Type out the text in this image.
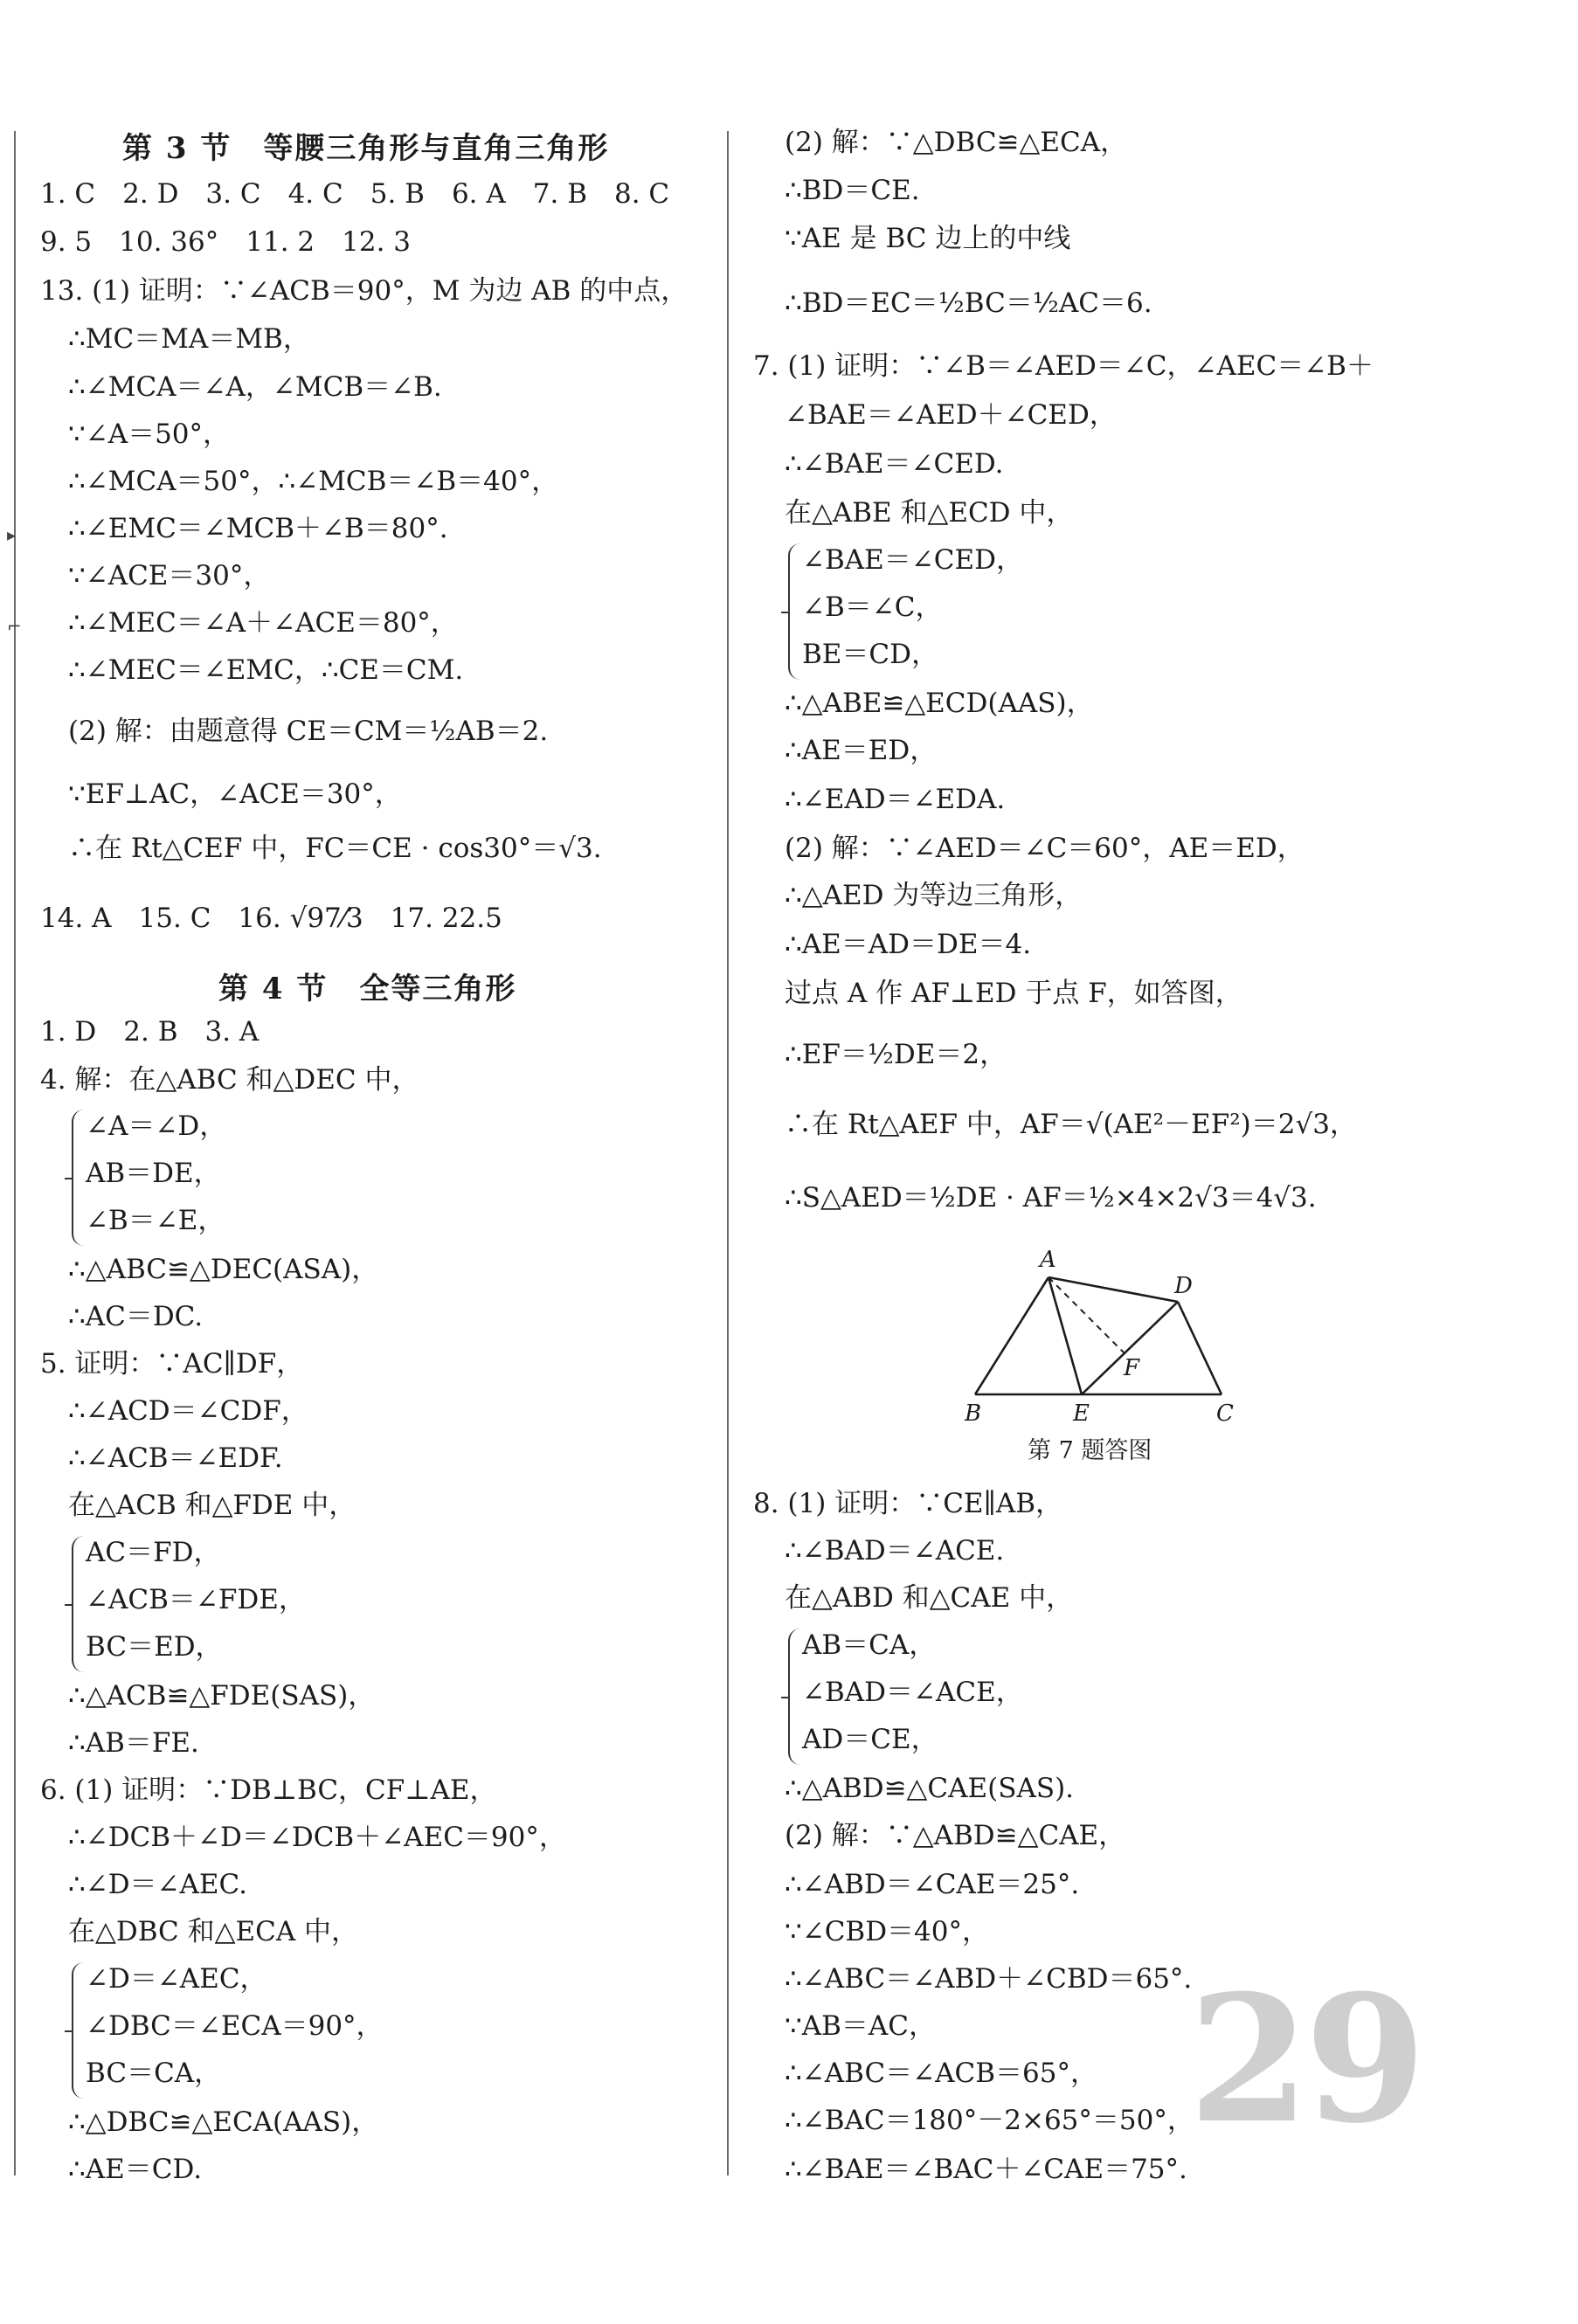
▸
⌐
第 3 节　等腰三角形与直角三角形
1. C　2. D　3. C　4. C　5. B　6. A　7. B　8. C
9. 5　10. 36°　11. 2　12. 3
13. (1) 证明：∵∠ACB＝90°，M 为边 AB 的中点，
∴MC＝MA＝MB，
∴∠MCA＝∠A，∠MCB＝∠B.
∵∠A＝50°，
∴∠MCA＝50°，∴∠MCB＝∠B＝40°，
∴∠EMC＝∠MCB＋∠B＝80°.
∵∠ACE＝30°，
∴∠MEC＝∠A＋∠ACE＝80°，
∴∠MEC＝∠EMC，∴CE＝CM.
(2) 解：由题意得 CE＝CM＝½AB＝2.
∵EF⊥AC，∠ACE＝30°，
∴在 Rt△CEF 中，FC＝CE · cos30°＝√3.
14. A　15. C　16. √97⁄3　17. 22.5
第 4 节　全等三角形
1. D　2. B　3. A
4. 解：在△ABC 和△DEC 中，
∠A＝∠D，
AB＝DE，
∠B＝∠E，
∴△ABC≌△DEC(ASA)，
∴AC＝DC.
5. 证明：∵AC∥DF，
∴∠ACD＝∠CDF，
∴∠ACB＝∠EDF.
在△ACB 和△FDE 中，
AC＝FD，
∠ACB＝∠FDE，
BC＝ED，
∴△ACB≌△FDE(SAS)，
∴AB＝FE.
6. (1) 证明：∵DB⊥BC，CF⊥AE，
∴∠DCB＋∠D＝∠DCB＋∠AEC＝90°，
∴∠D＝∠AEC.
在△DBC 和△ECA 中，
∠D＝∠AEC，
∠DBC＝∠ECA＝90°，
BC＝CA，
∴△DBC≌△ECA(AAS)，
∴AE＝CD.
(2) 解：∵△DBC≌△ECA，
∴BD＝CE.
∵AE 是 BC 边上的中线
∴BD＝EC＝½BC＝½AC＝6.
7. (1) 证明：∵∠B＝∠AED＝∠C，∠AEC＝∠B＋
∠BAE＝∠AED＋∠CED，
∴∠BAE＝∠CED.
在△ABE 和△ECD 中，
∠BAE＝∠CED，
∠B＝∠C，
BE＝CD，
∴△ABE≌△ECD(AAS)，
∴AE＝ED，
∴∠EAD＝∠EDA.
(2) 解：∵∠AED＝∠C＝60°，AE＝ED，
∴△AED 为等边三角形，
∴AE＝AD＝DE＝4.
过点 A 作 AF⊥ED 于点 F，如答图，
∴EF＝½DE＝2，
∴在 Rt△AEF 中，AF＝√(AE²－EF²)＝2√3，
∴S△AED＝½DE · AF＝½×4×2√3＝4√3.
A
D
F
B	E	C
第 7 题答图
8. (1) 证明：∵CE∥AB，
∴∠BAD＝∠ACE.
在△ABD 和△CAE 中，
AB＝CA，
∠BAD＝∠ACE，
AD＝CE，
∴△ABD≌△CAE(SAS).
(2) 解：∵△ABD≌△CAE，
∴∠ABD＝∠CAE＝25°.
∵∠CBD＝40°，
∴∠ABC＝∠ABD＋∠CBD＝65°.
∵AB＝AC，
∴∠ABC＝∠ACB＝65°，
∴∠BAC＝180°－2×65°＝50°，
∴∠BAE＝∠BAC＋∠CAE＝75°.
29
